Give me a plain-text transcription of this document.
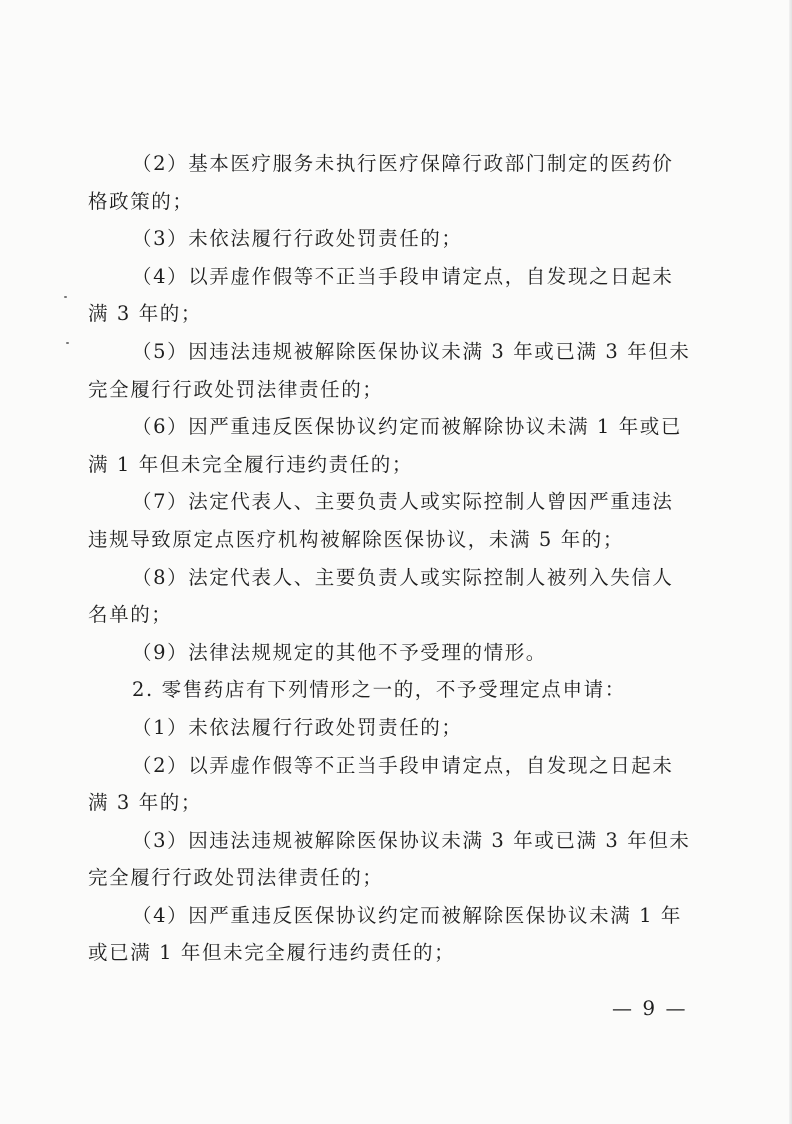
（2）基本医疗服务未执行医疗保障行政部门制定的医药价
格政策的；
（3）未依法履行行政处罚责任的；
（4）以弄虚作假等不正当手段申请定点，自发现之日起未
满 3 年的；
（5）因违法违规被解除医保协议未满 3 年或已满 3 年但未
完全履行行政处罚法律责任的；
（6）因严重违反医保协议约定而被解除协议未满 1 年或已
满 1 年但未完全履行违约责任的；
（7）法定代表人、主要负责人或实际控制人曾因严重违法
违规导致原定点医疗机构被解除医保协议，未满 5 年的；
（8）法定代表人、主要负责人或实际控制人被列入失信人
名单的；
（9）法律法规规定的其他不予受理的情形。
2. 零售药店有下列情形之一的，不予受理定点申请：
（1）未依法履行行政处罚责任的；
（2）以弄虚作假等不正当手段申请定点，自发现之日起未
满 3 年的；
（3）因违法违规被解除医保协议未满 3 年或已满 3 年但未
完全履行行政处罚法律责任的；
（4）因严重违反医保协议约定而被解除医保协议未满 1 年
或已满 1 年但未完全履行违约责任的；
— 9 —
